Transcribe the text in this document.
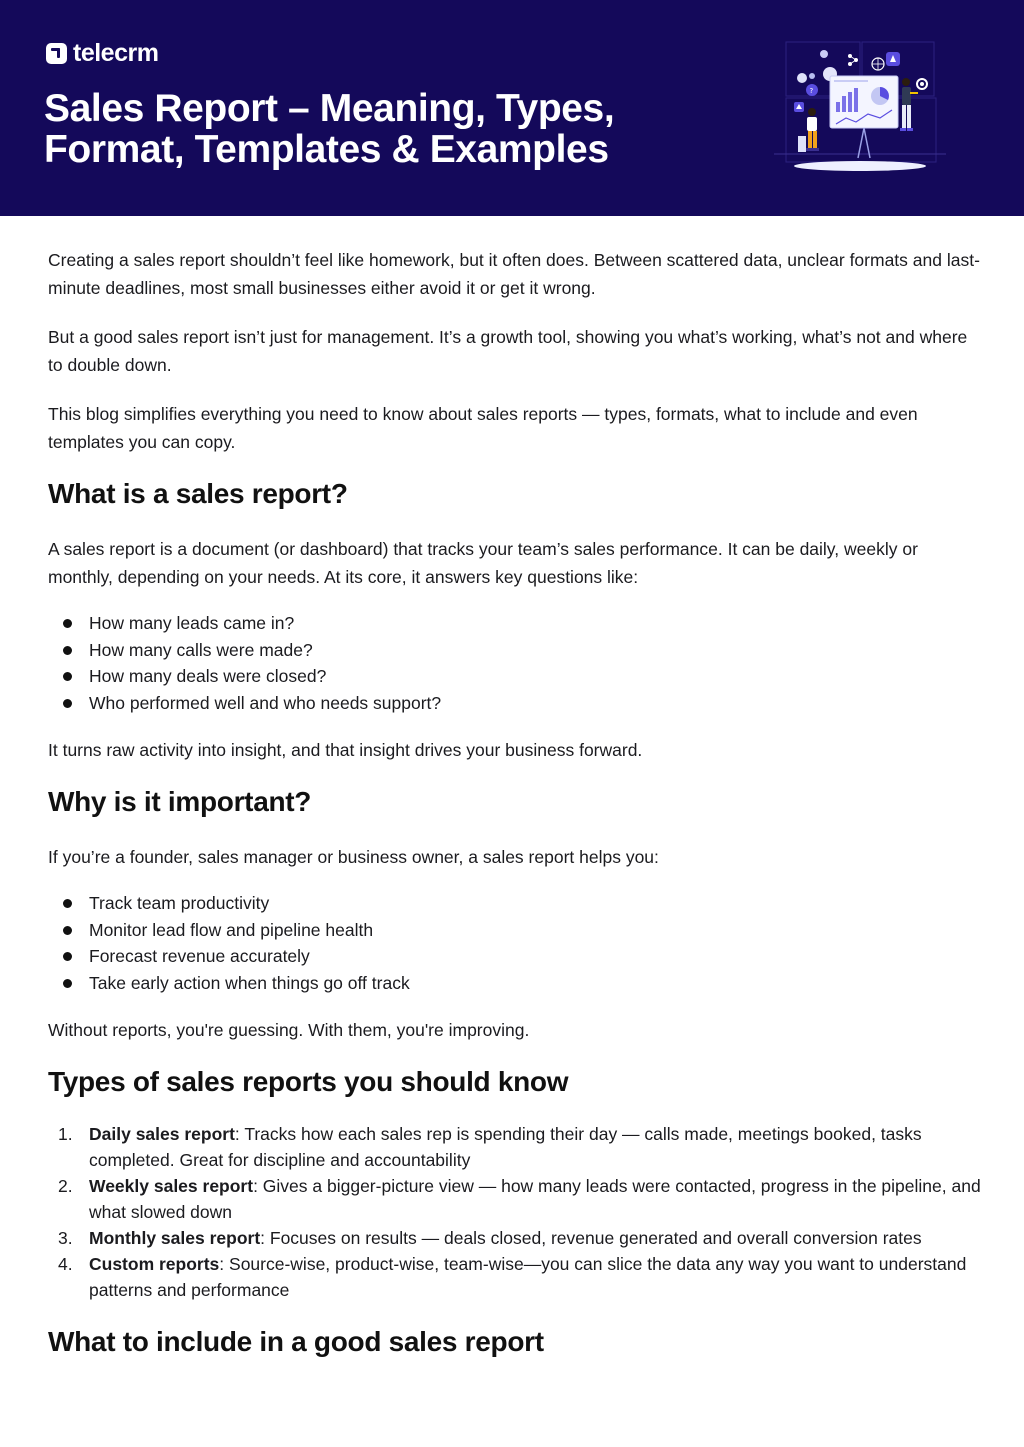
telecrm
Sales Report – Meaning, Types, Format, Templates & Examples
?

Creating a sales report shouldn’t feel like homework, but it often does. Between scattered data, unclear formats and last-minute deadlines, most small businesses either avoid it or get it wrong.

But a good sales report isn’t just for management. It’s a growth tool, showing you what’s working, what’s not and where to double down.

This blog simplifies everything you need to know about sales reports — types, formats, what to include and even templates you can copy.

What is a sales report?

A sales report is a document (or dashboard) that tracks your team’s sales performance. It can be daily, weekly or monthly, depending on your needs. At its core, it answers key questions like:

How many leads came in?
How many calls were made?
How many deals were closed?
Who performed well and who needs support?

It turns raw activity into insight, and that insight drives your business forward.

Why is it important?

If you’re a founder, sales manager or business owner, a sales report helps you:

Track team productivity
Monitor lead flow and pipeline health
Forecast revenue accurately
Take early action when things go off track

Without reports, you're guessing. With them, you're improving.

Types of sales reports you should know
1. Daily sales report: Tracks how each sales rep is spending their day — calls made, meetings booked, tasks completed. Great for discipline and accountability
2. Weekly sales report: Gives a bigger-picture view — how many leads were contacted, progress in the pipeline, and what slowed down
3. Monthly sales report: Focuses on results — deals closed, revenue generated and overall conversion rates
4. Custom reports: Source-wise, product-wise, team-wise—you can slice the data any way you want to understand patterns and performance
What to include in a good sales report
